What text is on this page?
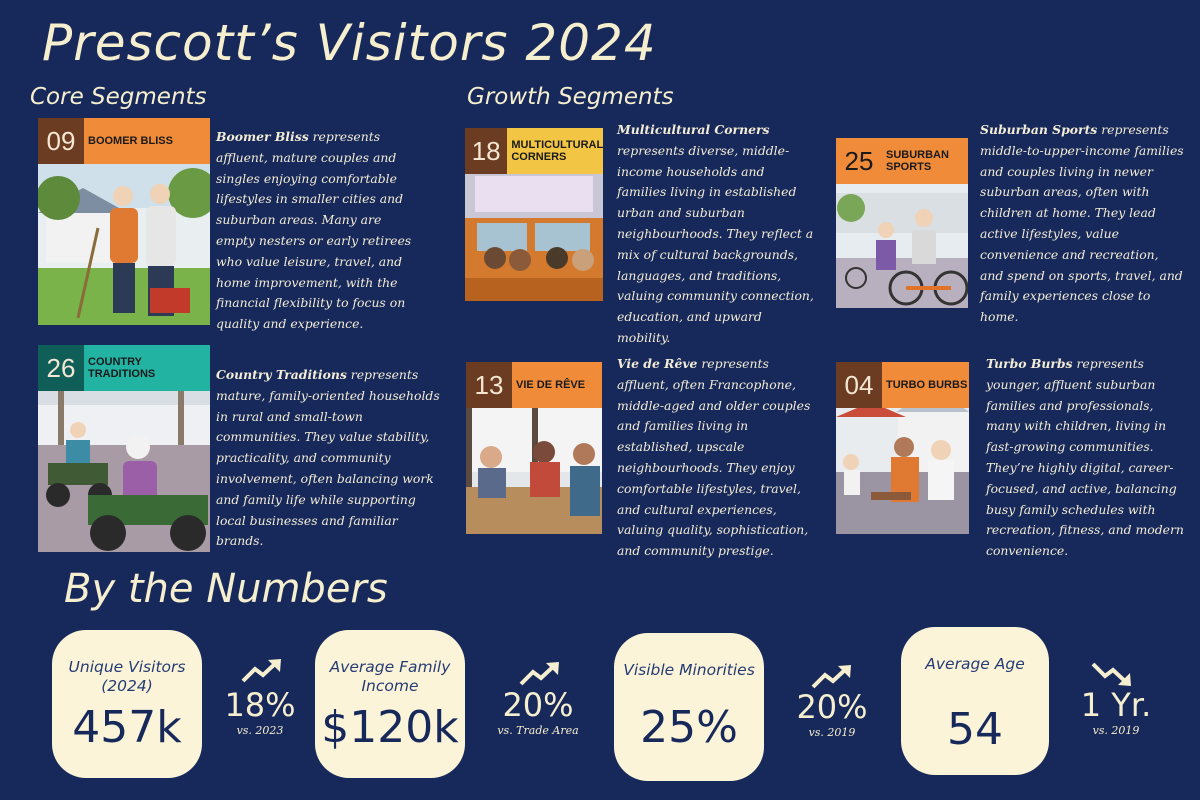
Prescott’s Visitors 2024
Core Segments	Growth Segments
09	BOOMER BLISS	Boomer Bliss represents affluent, mature couples and singles enjoying comfortable lifestyles in smaller cities and suburban areas. Many are empty nesters or early retirees who value leisure, travel, and home improvement, with the financial flexibility to focus on quality and experience.
26	COUNTRY TRADITIONS	Country Traditions represents mature, family-oriented households in rural and small-town communities. They value stability, practicality, and community involvement, often balancing work and family life while supporting local businesses and familiar brands.
18 MULTICULTURAL CORNERS
Multicultural Corners represents diverse, middle-income households and families living in established urban and suburban neighbourhoods. They reflect a mix of cultural backgrounds, languages, and traditions, valuing community connection, education, and upward mobility.
25	SUBURBAN SPORTS
Suburban Sports represents middle-to-upper-income families and couples living in newer suburban areas, often with children at home. They lead active lifestyles, value convenience and recreation, and spend on sports, travel, and family experiences close to home.
13	VIE DE RÊVE
Vie de Rêve represents affluent, often Francophone, middle-aged and older couples and families living in established, upscale neighbourhoods. They enjoy comfortable lifestyles, travel, and cultural experiences, valuing quality, sophistication, and community prestige.
04	TURBO BURBS
Turbo Burbs represents younger, affluent suburban families and professionals, many with children, living in fast-growing communities. They’re highly digital, career-focused, and active, balancing busy family schedules with recreation, fitness, and modern convenience.
By the Numbers
Unique Visitors (2024)
457k	18%
vs. 2023
Average Family Income
$120k	20%
vs. Trade Area
Visible Minorities
25%	20%
vs. 2019
Average Age
54	1 Yr.
vs. 2019
